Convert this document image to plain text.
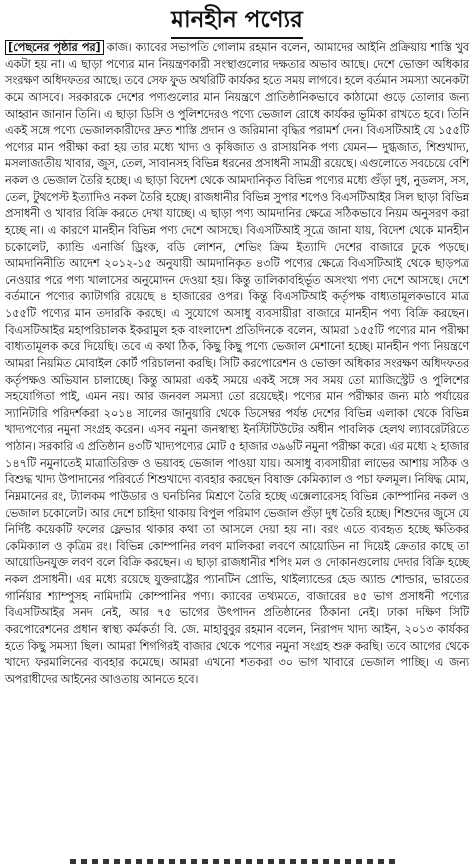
মানহীন পণ্যের
[পেছনের পৃষ্ঠার পর] কাজ। ক্যাবের সভাপতি গোলাম রহমান বলেন, আমাদের আইনি প্রক্রিয়ায় শাস্তি খুব একটা হয় না। এ ছাড়া পণ্যের মান নিয়ন্ত্রণকারী সংস্থাগুলোর দক্ষতার অভাব আছে। দেশে ভোক্তা অধিকার সংরক্ষণ অধিদফতর আছে। তবে সেফ ফুড অথরিটি কার্যকর হতে সময় লাগবে। হলে বর্তমান সমস্যা অনেকটা কমে আসবে। সরকারকে দেশের পণ্যগুলোর মান নিয়ন্ত্রণে প্রাতিষ্ঠানিকভাবে কাঠামো গুড়ে তোলার জন্য আহ্বান জানান তিনি। এ ছাড়া ডিসি ও পুলিশদেরও পণ্যে ভেজাল রোধে কার্যকর ভূমিকা রাখতে হবে। তিনি একই সঙ্গে পণ্যে ভেজালকারীদের দ্রুত শাস্তি প্রদান ও জরিমানা বৃদ্ধির পরামর্শ দেন। বিএসটিআই যে ১৫৫টি পণ্যের মান পরীক্ষা করা হয় তার মধ্যে খাদ্য ও কৃষিজাত ও রাসায়নিক পণ্য যেমন— দুগ্ধজাত, শিশুখাদ্য, মসলাজাতীয় খাবার, জুস, তেল, সাবানসহ বিভিন্ন ধরনের প্রসাধনী সামগ্রী রয়েছে। এগুলোতে সবচেয়ে বেশি নকল ও ভেজাল তৈরি হচ্ছে। এ ছাড়া বিদেশ থেকে আমদানিকৃত বিভিন্ন পণ্যের মধ্যে গুঁড়া দুধ, নুডলস, সস, তেল, টুথপেস্ট ইত্যাদিও নকল তৈরি হচ্ছে। রাজধানীর বিভিন্ন সুপার শপেও বিএসটিআইর সিল ছাড়া বিভিন্ন প্রসাধনী ও খাবার বিক্রি করতে দেখা যাচ্ছে। এ ছাড়া পণ্য আমদানির ক্ষেত্রে সঠিকভাবে নিয়ম অনুসরণ করা হচ্ছে না। এ কারণে মানহীন বিভিন্ন পণ্য দেশে আসছে। বিএসটিআই সূত্রে জানা যায়, বিদেশ থেকে মানহীন চকোলেট, ক্যান্ডি এনার্জি ড্রিংক, বডি লোশন, শেভিং ক্রিম ইত্যাদি দেশের বাজারে ঢুকে পড়ছে। আমদানিনীতি আদেশ ২০১২-১৫ অনুযায়ী আমদানিকৃত ৪৩টি পণ্যের ক্ষেত্রে বিএসটিআই থেকে ছাড়পত্র নেওয়ার পরে পণ্য খালাসের অনুমোদন দেওয়া হয়। কিন্তু তালিকাবহির্ভূত অসংখ্য পণ্য দেশে আসছে। দেশে বর্তমানে পণ্যের ক্যাটাগরি রয়েছে ৪ হাজারের ওপর। কিন্তু বিএসটিআই কর্তৃপক্ষ বাধ্যতামূলকভাবে মাত্র ১৫৫টি পণ্যের মান তদারকি করছে। এ সুযোগে অসাধু ব্যবসায়ীরা বাজারে মানহীন পণ্য বিক্রি করছেন। বিএসটিআইর মহাপরিচালক ইকরামুল হক বাংলাদেশ প্রতিদিনকে বলেন, আমরা ১৫৫টি পণ্যের মান পরীক্ষা বাধ্যতামূলক করে দিয়েছি। তবে এ কথা ঠিক, কিছু কিছু পণ্যে ভেজাল মেশানো হচ্ছে। মানহীন পণ্য নিয়ন্ত্রণে আমরা নিয়মিত মোবাইল কোর্ট পরিচালনা করছি। সিটি করপোরেশন ও ভোক্তা অধিকার সংরক্ষণ অধিদফতর কর্তৃপক্ষও অভিযান চালাচ্ছে। কিন্তু আমরা একই সময়ে একই সঙ্গে সব সময় তো ম্যাজিস্ট্রেট ও পুলিশের সহযোগিতা পাই, এমন নয়। আর জনবল সমস্যা তো রয়েছেই। পণ্যের মান পরীক্ষার জন্য মাঠ পর্যায়ের স্যানিটারি পরিদর্শকরা ২০১৪ সালের জানুয়ারি থেকে ডিসেম্বর পর্যন্ত দেশের বিভিন্ন এলাকা থেকে বিভিন্ন খাদ্যপণ্যের নমুনা সংগ্রহ করেন। এসব নমুনা জনস্বাস্থ্য ইনস্টিটিউটের অধীন পাবলিক হেলথ ল্যাবরেটরিতে পাঠান। সরকারি এ প্রতিষ্ঠান ৪৩টি খাদ্যপণ্যের মোট ৫ হাজার ৩৯৬টি নমুনা পরীক্ষা করে। এর মধ্যে ২ হাজার ১৪৭টি নমুনাতেই মাত্রাতিরিক্ত ও ভয়াবহ ভেজাল পাওয়া যায়। অসাধু ব্যবসায়ীরা লাভের আশায় সঠিক ও বিশুদ্ধ খাদ্য উপাদানের পরিবর্তে শিশুখাদ্যে ব্যবহার করছেন বিষাক্ত কেমিক্যাল ও পচা ফলমূল। নিষিদ্ধ মোম, নিম্নমানের রং, ট্যালকম পাউডার ও ঘনচিনির মিশ্রণে তৈরি হচ্ছে এক্সেলারেসহ বিভিন্ন কোম্পানির নকল ও ভেজাল চকোলেট। আর দেশে চাহিদা থাকায় বিপুল পরিমাণ ভেজাল গুঁড়া দুধ তৈরি হচ্ছে। শিশুদের জুসে যে নির্দিষ্ট কয়েকটি ফলের ফ্লেভার থাকার কথা তা আসলে দেয়া হয় না। বরং এতে ব্যবহৃত হচ্ছে ক্ষতিকর কেমিক্যাল ও কৃত্রিম রং। বিভিন্ন কোম্পানির লবণ মালিকরা লবণে আয়োডিন না দিয়েই ক্রেতার কাছে তা আয়োডিনযুক্ত লবণ বলে বিক্রি করছেন। এ ছাড়া রাজধানীর শপিং মল ও দোকানগুলোয় দেদার বিক্রি হচ্ছে নকল প্রসাধনী। এর মধ্যে রয়েছে যুক্তরাষ্ট্রের প্যানটিন প্রোভি, থাইল্যান্ডের হেড অ্যান্ড শোল্ডার, ভারতের গার্নিয়ার শ্যাম্পুসহ নামিদামি কোম্পানির পণ্য। ক্যাবের তথ্যমতে, বাজারের ৪৫ ভাগ প্রসাধনী পণ্যের বিএসটিআইর সনদ নেই, আর ৭৫ ভাগের উৎপাদন প্রতিষ্ঠানের ঠিকানা নেই। ঢাকা দক্ষিণ সিটি করপোরেশনের প্রধান স্বাস্থ্য কর্মকর্তা বি. জে. মাহাবুবুর রহমান বলেন, নিরাপদ খাদ্য আইন, ২০১৩ কার্যকর হতে কিছু সমস্যা ছিল। আমরা শিগগিরই বাজার থেকে পণ্যের নমুনা সংগ্রহ শুরু করছি। তবে আগের থেকে খাদ্যে ফরমালিনের ব্যবহার কমেছে। আমরা এখনো শতকরা ৩০ ভাগ খাবারে ভেজাল পাচ্ছি। এ জন্য অপরাধীদের আইনের আওতায় আনতে হবে।
